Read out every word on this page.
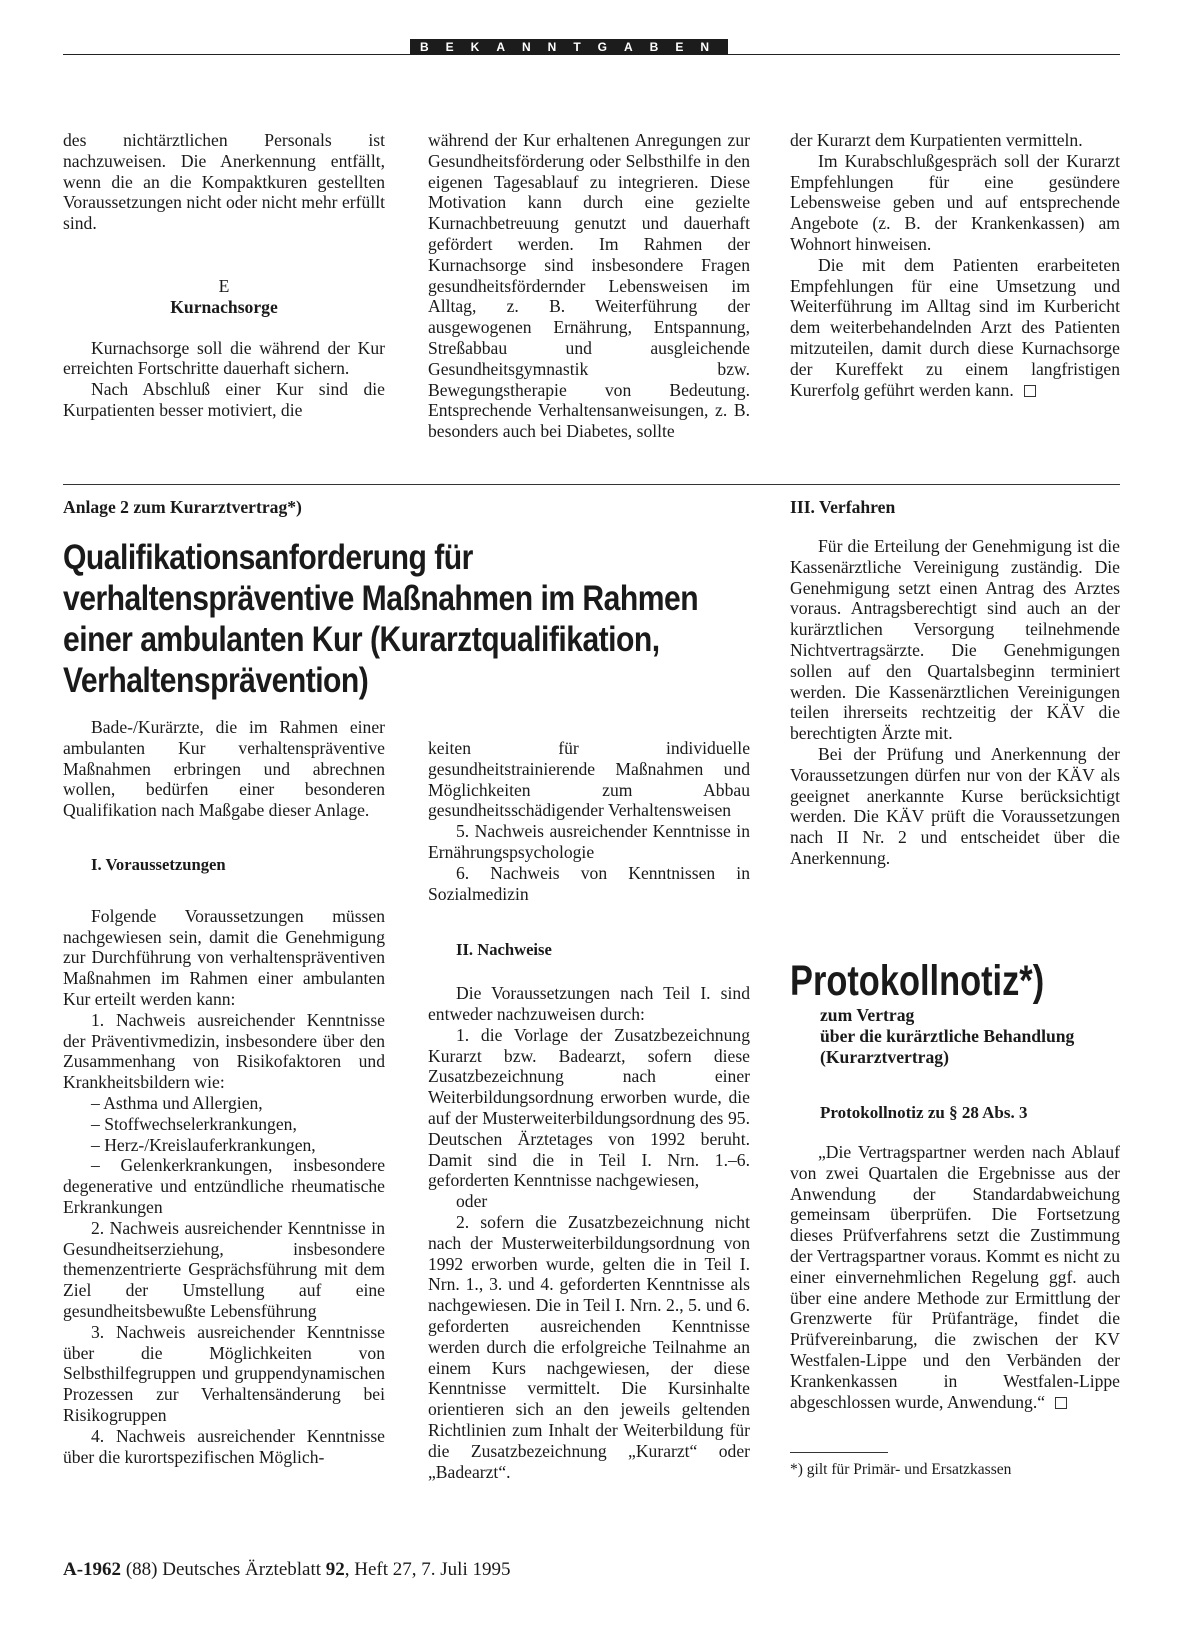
BEKANNTGABEN

des nichtärztlichen Personals ist nachzuweisen. Die Anerkennung entfällt, wenn die an die Kompaktkuren gestellten Voraussetzungen nicht oder nicht mehr erfüllt sind.

E

Kurnachsorge

Kurnachsorge soll die während der Kur erreichten Fortschritte dauerhaft sichern.

Nach Abschluß einer Kur sind die Kurpatienten besser motiviert, die

während der Kur erhaltenen Anregungen zur Gesundheitsförderung oder Selbsthilfe in den eigenen Tagesablauf zu integrieren. Diese Motivation kann durch eine gezielte Kurnachbetreuung genutzt und dauerhaft gefördert werden. Im Rahmen der Kurnachsorge sind insbesondere Fragen gesundheitsfördernder Lebensweisen im Alltag, z. B. Weiterführung der ausgewogenen Ernährung, Entspannung, Streßabbau und ausgleichende Gesundheitsgymnastik bzw. Bewegungstherapie von Bedeutung. Entsprechende Verhaltensanweisungen, z. B. besonders auch bei Diabetes, sollte

der Kurarzt dem Kurpatienten vermitteln.

Im Kurabschlußgespräch soll der Kurarzt Empfehlungen für eine gesündere Lebensweise geben und auf entsprechende Angebote (z. B. der Krankenkassen) am Wohnort hinweisen.

Die mit dem Patienten erarbeiteten Empfehlungen für eine Umsetzung und Weiterführung im Alltag sind im Kurbericht dem weiterbehandelnden Arzt des Patienten mitzuteilen, damit durch diese Kurnachsorge der Kureffekt zu einem langfristigen Kurerfolg geführt werden kann.

Anlage 2 zum Kurarztvertrag*)
Qualifikationsanforderung für
verhaltenspräventive Maßnahmen im Rahmen
einer ambulanten Kur (Kurarztqualifikation,
Verhaltensprävention)

Bade-/Kurärzte, die im Rahmen einer ambulanten Kur verhaltenspräventive Maßnahmen erbringen und abrechnen wollen, bedürfen einer besonderen Qualifikation nach Maßgabe dieser Anlage.

I. Voraussetzungen

Folgende Voraussetzungen müssen nachgewiesen sein, damit die Genehmigung zur Durchführung von verhaltenspräventiven Maßnahmen im Rahmen einer ambulanten Kur erteilt werden kann:

1. Nachweis ausreichender Kenntnisse der Präventivmedizin, insbesondere über den Zusammenhang von Risikofaktoren und Krankheitsbildern wie:

– Asthma und Allergien,

– Stoffwechselerkrankungen,

– Herz-/Kreislauferkrankungen,

– Gelenkerkrankungen, insbesondere degenerative und entzündliche rheumatische Erkrankungen

2. Nachweis ausreichender Kenntnisse in Gesundheitserziehung, insbesondere themenzentrierte Gesprächsführung mit dem Ziel der Umstellung auf eine gesundheitsbewußte Lebensführung

3. Nachweis ausreichender Kenntnisse über die Möglichkeiten von Selbsthilfegruppen und gruppendynamischen Prozessen zur Verhaltensänderung bei Risikogruppen

4. Nachweis ausreichender Kenntnisse über die kurortspezifischen Möglich-

keiten für individuelle gesundheitstrainierende Maßnahmen und Möglichkeiten zum Abbau gesundheitsschädigender Verhaltensweisen

5. Nachweis ausreichender Kenntnisse in Ernährungspsychologie

6. Nachweis von Kenntnissen in Sozialmedizin

II. Nachweise

Die Voraussetzungen nach Teil I. sind entweder nachzuweisen durch:

1. die Vorlage der Zusatzbezeichnung Kurarzt bzw. Badearzt, sofern diese Zusatzbezeichnung nach einer Weiterbildungsordnung erworben wurde, die auf der Musterweiterbildungsordnung des 95. Deutschen Ärztetages von 1992 beruht. Damit sind die in Teil I. Nrn. 1.–6. geforderten Kenntnisse nachgewiesen,

oder

2. sofern die Zusatzbezeichnung nicht nach der Musterweiterbildungsordnung von 1992 erworben wurde, gelten die in Teil I. Nrn. 1., 3. und 4. geforderten Kenntnisse als nachgewiesen. Die in Teil I. Nrn. 2., 5. und 6. geforderten ausreichenden Kenntnisse werden durch die erfolgreiche Teilnahme an einem Kurs nachgewiesen, der diese Kenntnisse vermittelt. Die Kursinhalte orientieren sich an den jeweils geltenden Richtlinien zum Inhalt der Weiterbildung für die Zusatzbezeichnung „Kurarzt“ oder „Badearzt“.

III. Verfahren

Für die Erteilung der Genehmigung ist die Kassenärztliche Vereinigung zuständig. Die Genehmigung setzt einen Antrag des Arztes voraus. Antragsberechtigt sind auch an der kurärztlichen Versorgung teilnehmende Nichtvertragsärzte. Die Genehmigungen sollen auf den Quartalsbeginn terminiert werden. Die Kassenärztlichen Vereinigungen teilen ihrerseits rechtzeitig der KÄV die berechtigten Ärzte mit.

Bei der Prüfung und Anerkennung der Voraussetzungen dürfen nur von der KÄV als geeignet anerkannte Kurse berücksichtigt werden. Die KÄV prüft die Voraussetzungen nach II Nr. 2 und entscheidet über die Anerkennung.

Protokollnotiz*)
zum Vertrag
über die kurärztliche Behandlung
(Kurarztvertrag)
Protokollnotiz zu § 28 Abs. 3

„Die Vertragspartner werden nach Ablauf von zwei Quartalen die Ergebnisse aus der Anwendung der Standardabweichung gemeinsam überprüfen. Die Fortsetzung dieses Prüfverfahrens setzt die Zustimmung der Vertragspartner voraus. Kommt es nicht zu einer einvernehmlichen Regelung ggf. auch über eine andere Methode zur Ermittlung der Grenzwerte für Prüfanträge, findet die Prüfvereinbarung, die zwischen der KV Westfalen-Lippe und den Verbänden der Krankenkassen in Westfalen-Lippe abgeschlossen wurde, Anwendung.“

*) gilt für Primär- und Ersatzkassen
A-1962 (88) Deutsches Ärzteblatt 92, Heft 27, 7. Juli 1995
